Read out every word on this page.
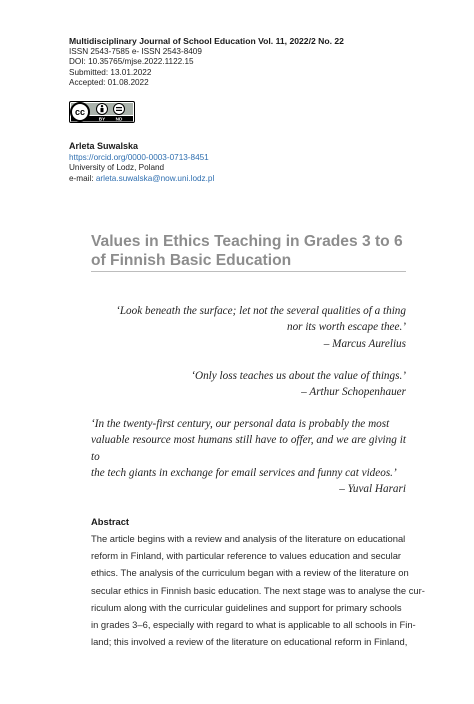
Multidisciplinary Journal of School Education Vol. 11, 2022/2 No. 22
ISSN 2543-7585 e- ISSN 2543-8409
DOI: 10.35765/mjse.2022.1122.15
Submitted: 13.01.2022
Accepted: 01.08.2022
cc
BY ND
Arleta Suwalska
https://orcid.org/0000-0003-0713-8451
University of Lodz, Poland
e-mail: arleta.suwalska@now.uni.lodz.pl
Values in Ethics Teaching in Grades 3 to 6
of Finnish Basic Education
‘Look beneath the surface; let not the several qualities of a thing
nor its worth escape thee.’
– Marcus Aurelius
‘Only loss teaches us about the value of things.’
– Arthur Schopenhauer
‘In the twenty-first century, our personal data is probably the most
valuable resource most humans still have to offer, and we are giving it to
the tech giants in exchange for email services and funny cat videos.’
– Yuval Harari
Abstract
The article begins with a review and analysis of the literature on educational
reform in Finland, with particular reference to values education and secular
ethics. The analysis of the curriculum began with a review of the literature on
secular ethics in Finnish basic education. The next stage was to analyse the cur-
riculum along with the curricular guidelines and support for primary schools
in grades 3–6, especially with regard to what is applicable to all schools in Fin-
land; this involved a review of the literature on educational reform in Finland,
